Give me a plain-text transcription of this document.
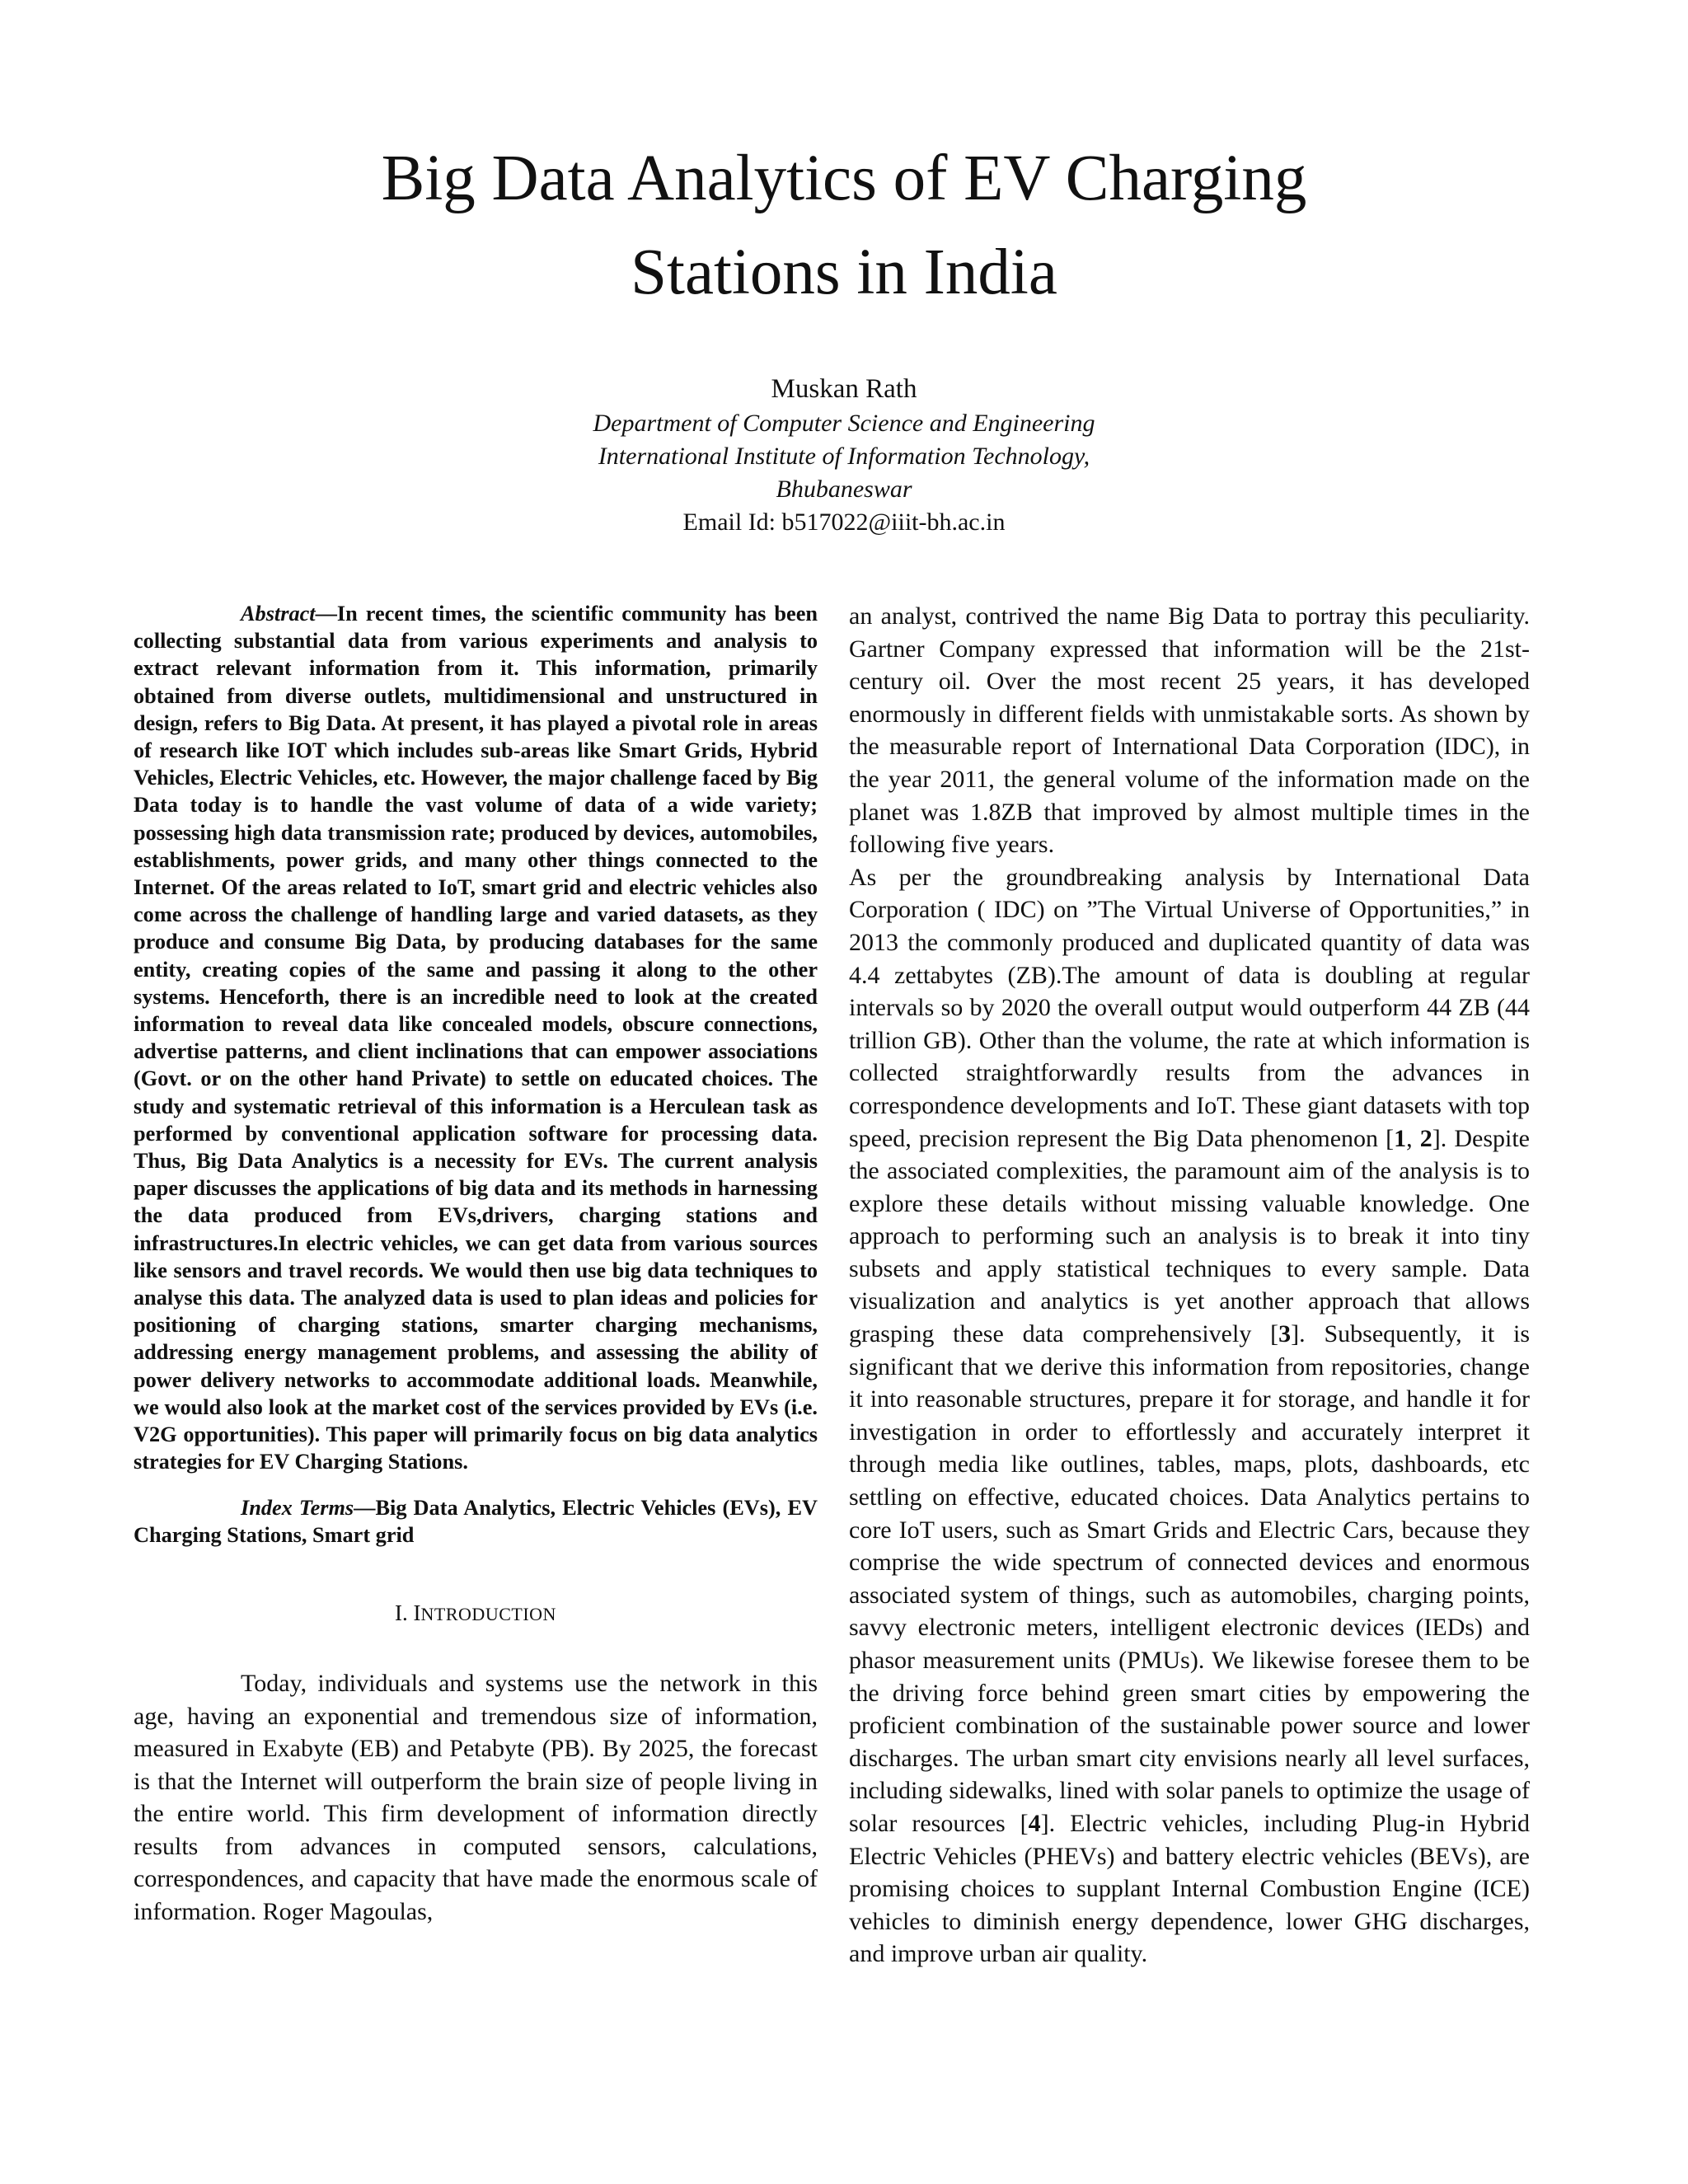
Big Data Analytics of EV Charging
Stations in India
Muskan Rath
Department of Computer Science and Engineering
International Institute of Information Technology,
Bhubaneswar
Email Id: b517022@iiit-bh.ac.in

Abstract—In recent times, the scientific community has been collecting substantial data from various experiments and analysis to extract relevant information from it. This information, primarily obtained from diverse outlets, multidimensional and unstructured in design, refers to Big Data. At present, it has played a pivotal role in areas of research like IOT which includes sub-areas like Smart Grids, Hybrid Vehicles, Electric Vehicles, etc. However, the major challenge faced by Big Data today is to handle the vast volume of data of a wide variety; possessing high data transmission rate; produced by devices, automobiles, establishments, power grids, and many other things connected to the Internet. Of the areas related to IoT, smart grid and electric vehicles also come across the challenge of handling large and varied datasets, as they produce and consume Big Data, by producing databases for the same entity, creating copies of the same and passing it along to the other systems. Henceforth, there is an incredible need to look at the created information to reveal data like concealed models, obscure connections, advertise patterns, and client inclinations that can empower associations (Govt. or on the other hand Private) to settle on educated choices. The study and systematic retrieval of this information is a Herculean task as performed by conventional application software for processing data. Thus, Big Data Analytics is a necessity for EVs. The current analysis paper discusses the applications of big data and its methods in harnessing the data produced from EVs,drivers, charging stations and infrastructures.In electric vehicles, we can get data from various sources like sensors and travel records. We would then use big data techniques to analyse this data. The analyzed data is used to plan ideas and policies for positioning of charging stations, smarter charging mechanisms, addressing energy management problems, and assessing the ability of power delivery networks to accommodate additional loads. Meanwhile, we would also look at the market cost of the services provided by EVs (i.e. V2G opportunities). This paper will primarily focus on big data analytics strategies for EV Charging Stations.

Index Terms—Big Data Analytics, Electric Vehicles (EVs), EV Charging Stations, Smart grid

I. INTRODUCTION

Today, individuals and systems use the network in this age, having an exponential and tremendous size of information, measured in Exabyte (EB) and Petabyte (PB). By 2025, the forecast is that the Internet will outperform the brain size of people living in the entire world. This firm development of information directly results from advances in computed sensors, calculations, correspondences, and capacity that have made the enormous scale of information. Roger Magoulas,

an analyst, contrived the name Big Data to portray this peculiarity. Gartner Company expressed that information will be the 21st-century oil. Over the most recent 25 years, it has developed enormously in different fields with unmistakable sorts. As shown by the measurable report of International Data Corporation (IDC), in the year 2011, the general volume of the information made on the planet was 1.8ZB that improved by almost multiple times in the following five years.

As per the groundbreaking analysis by International Data Corporation ( IDC) on ”The Virtual Universe of Opportunities,” in 2013 the commonly produced and duplicated quantity of data was 4.4 zettabytes (ZB).The amount of data is doubling at regular intervals so by 2020 the overall output would outperform 44 ZB (44 trillion GB). Other than the volume, the rate at which information is collected straightforwardly results from the advances in correspondence developments and IoT. These giant datasets with top speed, precision represent the Big Data phenomenon [1, 2]. Despite the associated complexities, the paramount aim of the analysis is to explore these details without missing valuable knowledge. One approach to performing such an analysis is to break it into tiny subsets and apply statistical techniques to every sample. Data visualization and analytics is yet another approach that allows grasping these data comprehensively [3]. Subsequently, it is significant that we derive this information from repositories, change it into reasonable structures, prepare it for storage, and handle it for investigation in order to effortlessly and accurately interpret it through media like outlines, tables, maps, plots, dashboards, etc settling on effective, educated choices. Data Analytics pertains to core IoT users, such as Smart Grids and Electric Cars, because they comprise the wide spectrum of connected devices and enormous associated system of things, such as automobiles, charging points, savvy electronic meters, intelligent electronic devices (IEDs) and phasor measurement units (PMUs). We likewise foresee them to be the driving force behind green smart cities by empowering the proficient combination of the sustainable power source and lower discharges. The urban smart city envisions nearly all level surfaces, including sidewalks, lined with solar panels to optimize the usage of solar resources [4]. Electric vehicles, including Plug-in Hybrid Electric Vehicles (PHEVs) and battery electric vehicles (BEVs), are promising choices to supplant Internal Combustion Engine (ICE) vehicles to diminish energy dependence, lower GHG discharges, and improve urban air quality.
